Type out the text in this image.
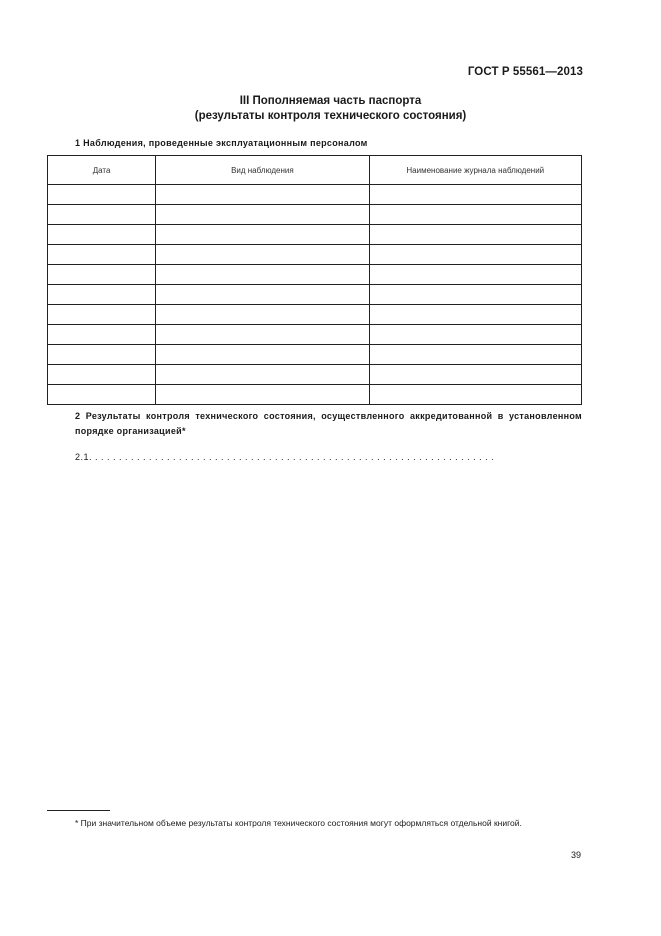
ГОСТ Р 55561—2013
III Пополняемая часть паспорта
(результаты контроля технического состояния)
1 Наблюдения, проведенные эксплуатационным персоналом
Дата	Вид наблюдения	Наименование журнала наблюдений

2 Результаты контроля технического состояния, осуществленного аккредитованной в установленном порядке организацией*
2.1. . . . . . . . . . . . . . . . . . . . . . . . . . . . . . . . . . . . . . . . . . . . . . . . . . . . . . . . . . . . . . . . . . . .
* При значительном объеме результаты контроля технического состояния могут оформляться отдельной книгой.
39
